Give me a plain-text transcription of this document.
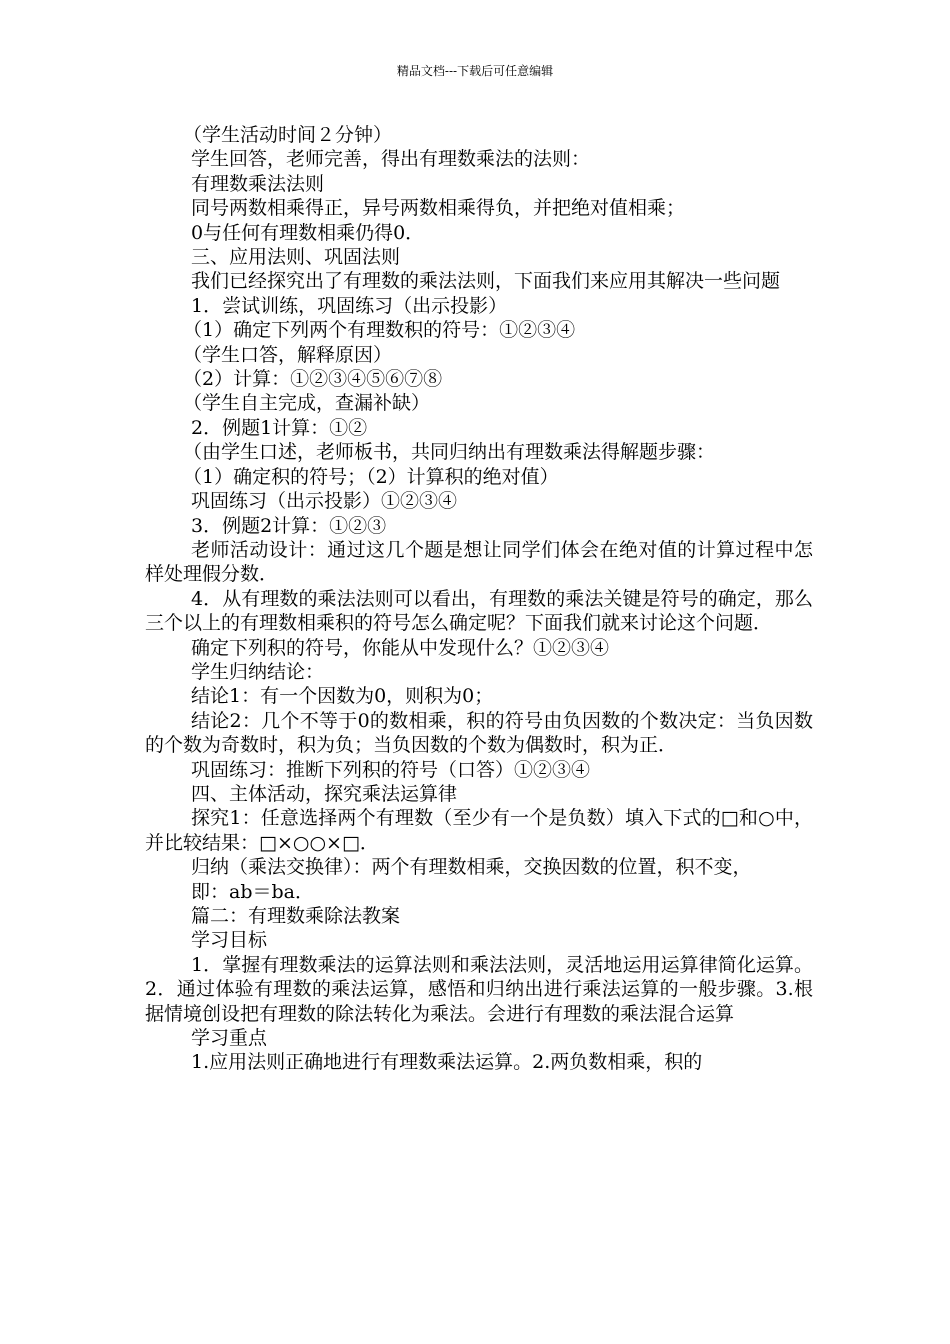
精品文档---下载后可任意编辑

（学生活动时间２分钟）

学生回答，老师完善，得出有理数乘法的法则：

有理数乘法法则

同号两数相乘得正，异号两数相乘得负，并把绝对值相乘；

0与任何有理数相乘仍得0．

三、应用法则、巩固法则

我们已经探究出了有理数的乘法法则，下面我们来应用其解决一些问题

1．尝试训练，巩固练习（出示投影）

（1）确定下列两个有理数积的符号：①②③④

（学生口答，解释原因）

（2）计算：①②③④⑤⑥⑦⑧

（学生自主完成，查漏补缺）

2．例题1计算：①②

（由学生口述，老师板书，共同归纳出有理数乘法得解题步骤：

（1）确定积的符号；（2）计算积的绝对值）

巩固练习（出示投影）①②③④

3．例题2计算：①②③

老师活动设计：通过这几个题是想让同学们体会在绝对值的计算过程中怎样处理假分数．

4．从有理数的乘法法则可以看出，有理数的乘法关键是符号的确定，那么三个以上的有理数相乘积的符号怎么确定呢？下面我们就来讨论这个问题．

确定下列积的符号，你能从中发现什么？①②③④

学生归纳结论：

结论1：有一个因数为0，则积为0；

结论2：几个不等于0的数相乘，积的符号由负因数的个数决定：当负因数的个数为奇数时，积为负；当负因数的个数为偶数时，积为正．

巩固练习：推断下列积的符号（口答）①②③④

四、主体活动，探究乘法运算律

探究1：任意选择两个有理数（至少有一个是负数）填入下式的□和○中，并比较结果：□×○○×□．

归纳（乘法交换律）：两个有理数相乘，交换因数的位置，积不变，

即：ab＝ba．

篇二：有理数乘除法教案

学习目标

1．掌握有理数乘法的运算法则和乘法法则，灵活地运用运算律简化运算。2．通过体验有理数的乘法运算，感悟和归纳出进行乘法运算的一般步骤。3.根据情境创设把有理数的除法转化为乘法。会进行有理数的乘法混合运算

学习重点

1.应用法则正确地进行有理数乘法运算。2.两负数相乘，积的
